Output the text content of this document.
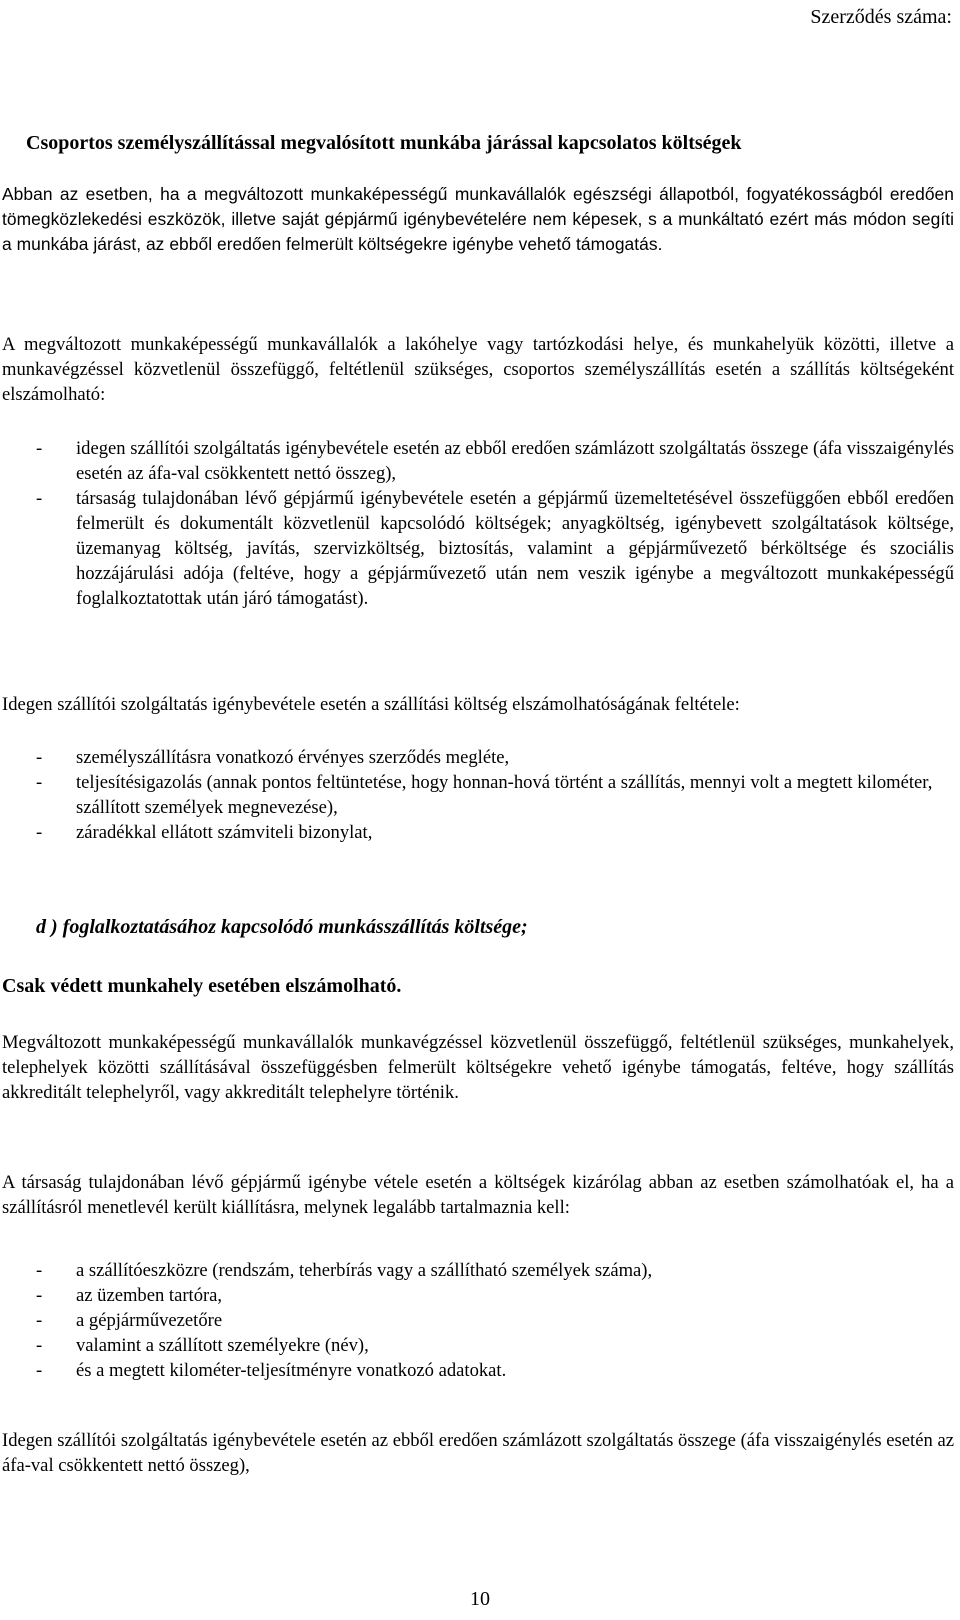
Szerződés száma:
Csoportos személyszállítással megvalósított munkába járással kapcsolatos költségek
Abban az esetben, ha a megváltozott munkaképességű munkavállalók egészségi állapotból, fogyatékosságból eredően tömegközlekedési eszközök, illetve saját gépjármű igénybevételére nem képesek, s a munkáltató ezért más módon segíti a munkába járást, az ebből eredően felmerült költségekre igénybe vehető támogatás.
A megváltozott munkaképességű munkavállalók a lakóhelye vagy tartózkodási helye, és munkahelyük közötti, illetve a munkavégzéssel közvetlenül összefüggő, feltétlenül szükséges, csoportos személyszállítás esetén a szállítás költségeként elszámolható:
- idegen szállítói szolgáltatás igénybevétele esetén az ebből eredően számlázott szolgáltatás összege (áfa visszaigénylés esetén az áfa-val csökkentett nettó összeg),
- társaság tulajdonában lévő gépjármű igénybevétele esetén a gépjármű üzemeltetésével összefüggően ebből eredően felmerült és dokumentált közvetlenül kapcsolódó költségek; anyagköltség, igénybevett szolgáltatások költsége, üzemanyag költség, javítás, szervizköltség, biztosítás, valamint a gépjárművezető bérköltsége és szociális hozzájárulási adója (feltéve, hogy a gépjárművezető után nem veszik igénybe a megváltozott munkaképességű foglalkoztatottak után járó támogatást).
Idegen szállítói szolgáltatás igénybevétele esetén a szállítási költség elszámolhatóságának feltétele:
- személyszállításra vonatkozó érvényes szerződés megléte,
- teljesítésigazolás (annak pontos feltüntetése, hogy honnan-hová történt a szállítás, mennyi volt a megtett kilométer, szállított személyek megnevezése),
- záradékkal ellátott számviteli bizonylat,
d ) foglalkoztatásához kapcsolódó munkásszállítás költsége;
Csak védett munkahely esetében elszámolható.
Megváltozott munkaképességű munkavállalók munkavégzéssel közvetlenül összefüggő, feltétlenül szükséges, munkahelyek, telephelyek közötti szállításával összefüggésben felmerült költségekre vehető igénybe támogatás, feltéve, hogy szállítás akkreditált telephelyről, vagy akkreditált telephelyre történik.
A társaság tulajdonában lévő gépjármű igénybe vétele esetén a költségek kizárólag abban az esetben számolhatóak el, ha a szállításról menetlevél került kiállításra, melynek legalább tartalmaznia kell:
- a szállítóeszközre (rendszám, teherbírás vagy a szállítható személyek száma),
- az üzemben tartóra,
- a gépjárművezetőre
- valamint a szállított személyekre (név),
- és a megtett kilométer-teljesítményre vonatkozó adatokat.
Idegen szállítói szolgáltatás igénybevétele esetén az ebből eredően számlázott szolgáltatás összege (áfa visszaigénylés esetén az áfa-val csökkentett nettó összeg),
10
